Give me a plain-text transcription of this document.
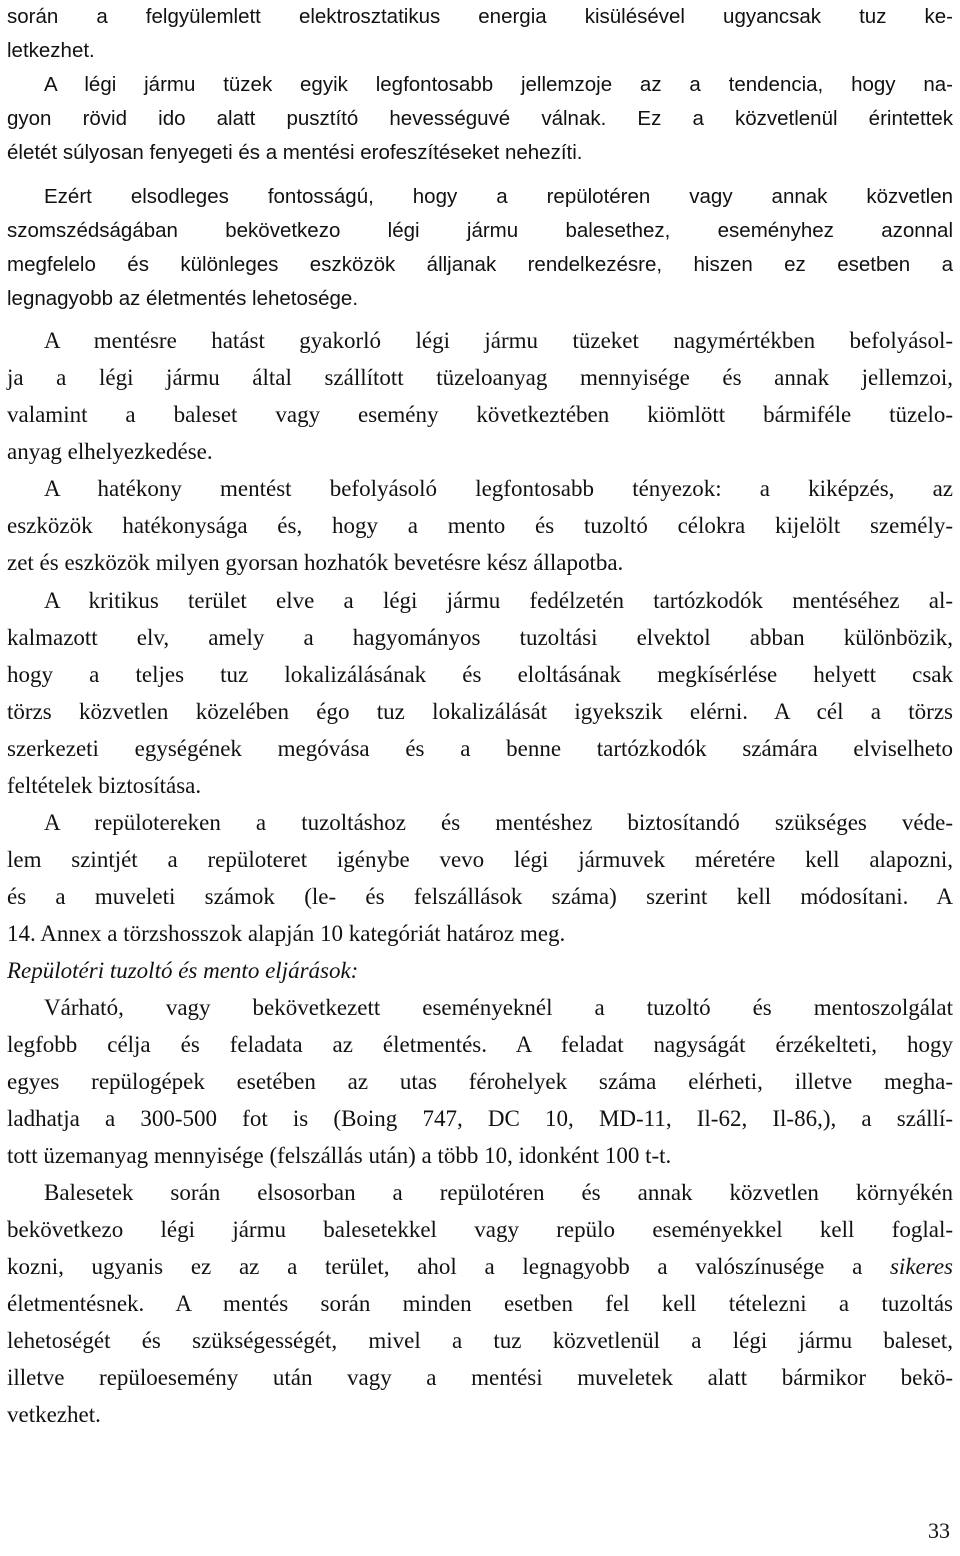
során a felgyülemlett elektrosztatikus energia kisülésével ugyancsak tuz ke-
letkezhet.
A légi jármu tüzek egyik legfontosabb jellemzoje az a tendencia, hogy na-
gyon rövid ido alatt pusztító hevességuvé válnak. Ez a közvetlenül érintettek
életét súlyosan fenyegeti és a mentési erofeszítéseket nehezíti.
Ezért elsodleges fontosságú, hogy a repülotéren vagy annak közvetlen
szomszédságában bekövetkezo légi jármu balesethez, eseményhez azonnal
megfelelo és különleges eszközök álljanak rendelkezésre, hiszen ez esetben a
legnagyobb az életmentés lehetosége.
A mentésre hatást gyakorló légi jármu tüzeket nagymértékben befolyásol-
ja a légi jármu által szállított tüzeloanyag mennyisége és annak jellemzoi,
valamint a baleset vagy esemény következtében kiömlött bármiféle tüzelo-
anyag elhelyezkedése.
A hatékony mentést befolyásoló legfontosabb tényezok: a kiképzés, az
eszközök hatékonysága és, hogy a mento és tuzoltó célokra kijelölt személy-
zet és eszközök milyen gyorsan hozhatók bevetésre kész állapotba.
A kritikus terület elve a légi jármu fedélzetén tartózkodók mentéséhez al-
kalmazott elv, amely a hagyományos tuzoltási elvektol abban különbözik,
hogy a teljes tuz lokalizálásának és eloltásának megkísérlése helyett csak
törzs közvetlen közelében égo tuz lokalizálását igyekszik elérni. A cél a törzs
szerkezeti egységének megóvása és a benne tartózkodók számára elviselheto
feltételek biztosítása.
A repülotereken a tuzoltáshoz és mentéshez biztosítandó szükséges véde-
lem szintjét a repüloteret igénybe vevo légi jármuvek méretére kell alapozni,
és a muveleti számok (le- és felszállások száma) szerint kell módosítani. A
14. Annex a törzshosszok alapján 10 kategóriát határoz meg.
Repülotéri tuzoltó és mento eljárások:
Várható, vagy bekövetkezett eseményeknél a tuzoltó és mentoszolgálat
legfobb célja és feladata az életmentés. A feladat nagyságát érzékelteti, hogy
egyes repülogépek esetében az utas férohelyek száma elérheti, illetve megha-
ladhatja a 300-500 fot is (Boing 747, DC 10, MD-11, Il-62, Il-86,), a szállí-
tott üzemanyag mennyisége (felszállás után) a több 10, idonként 100 t-t.
Balesetek során elsosorban a repülotéren és annak közvetlen környékén
bekövetkezo légi jármu balesetekkel vagy repülo eseményekkel kell foglal-
kozni, ugyanis ez az a terület, ahol a legnagyobb a valószínusége a sikeres
életmentésnek. A mentés során minden esetben fel kell tételezni a tuzoltás
lehetoségét és szükségességét, mivel a tuz közvetlenül a légi jármu baleset,
illetve repüloesemény után vagy a mentési muveletek alatt bármikor bekö-
vetkezhet.
33
